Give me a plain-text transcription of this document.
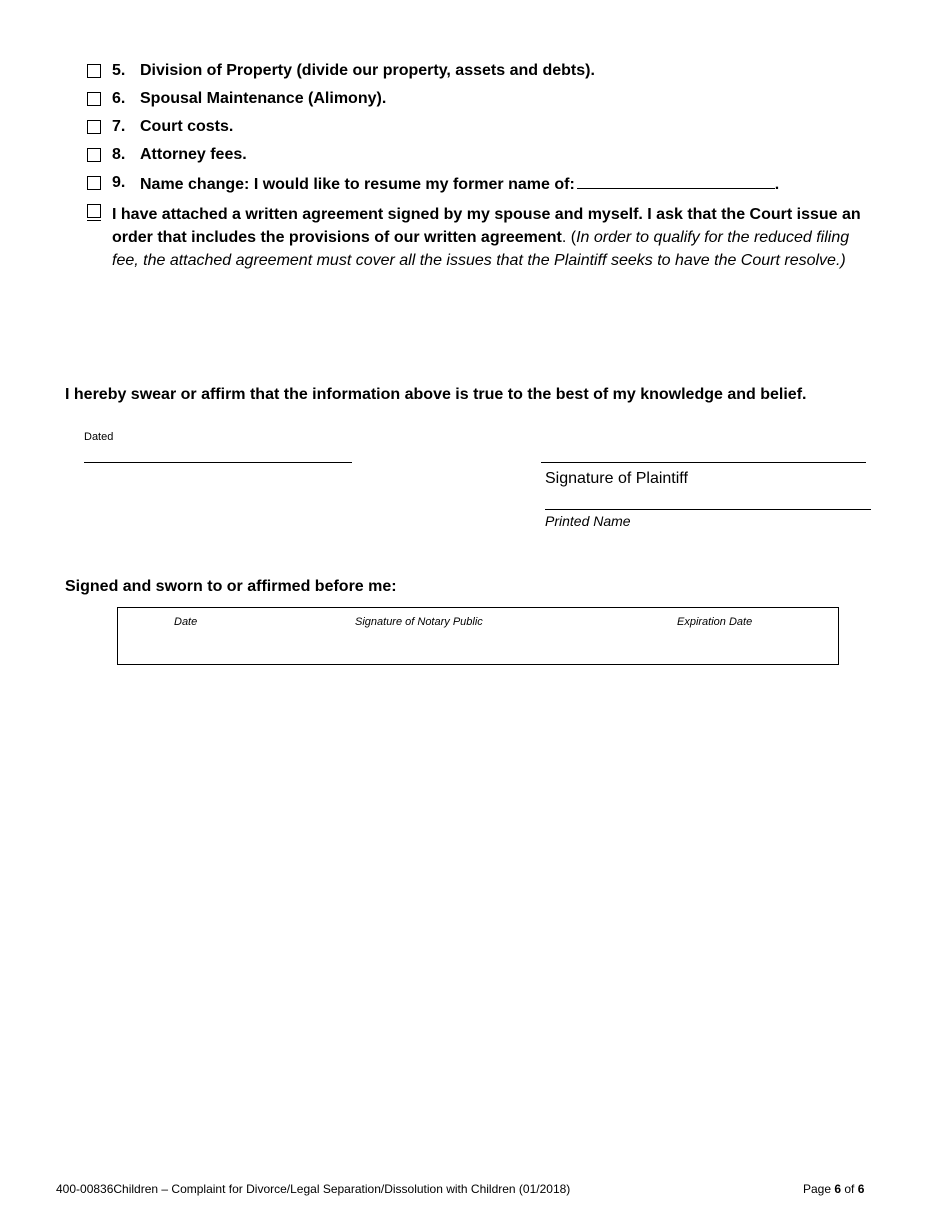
5. Division of Property (divide our property, assets and debts).
6. Spousal Maintenance (Alimony).
7. Court costs.
8. Attorney fees.
9. Name change: I would like to resume my former name of:	.
I have attached a written agreement signed by my spouse and myself. I ask that the Court issue an order that includes the provisions of our written agreement. (In order to qualify for the reduced filing fee, the attached agreement must cover all the issues that the Plaintiff seeks to have the Court resolve.)
I hereby swear or affirm that the information above is true to the best of my knowledge and belief.
Dated
Signature of Plaintiff
Printed Name
Signed and sworn to or affirmed before me:
Date	Signature of Notary Public	Expiration Date
400-00836Children – Complaint for Divorce/Legal Separation/Dissolution with Children (01/2018)	Page 6 of 6
